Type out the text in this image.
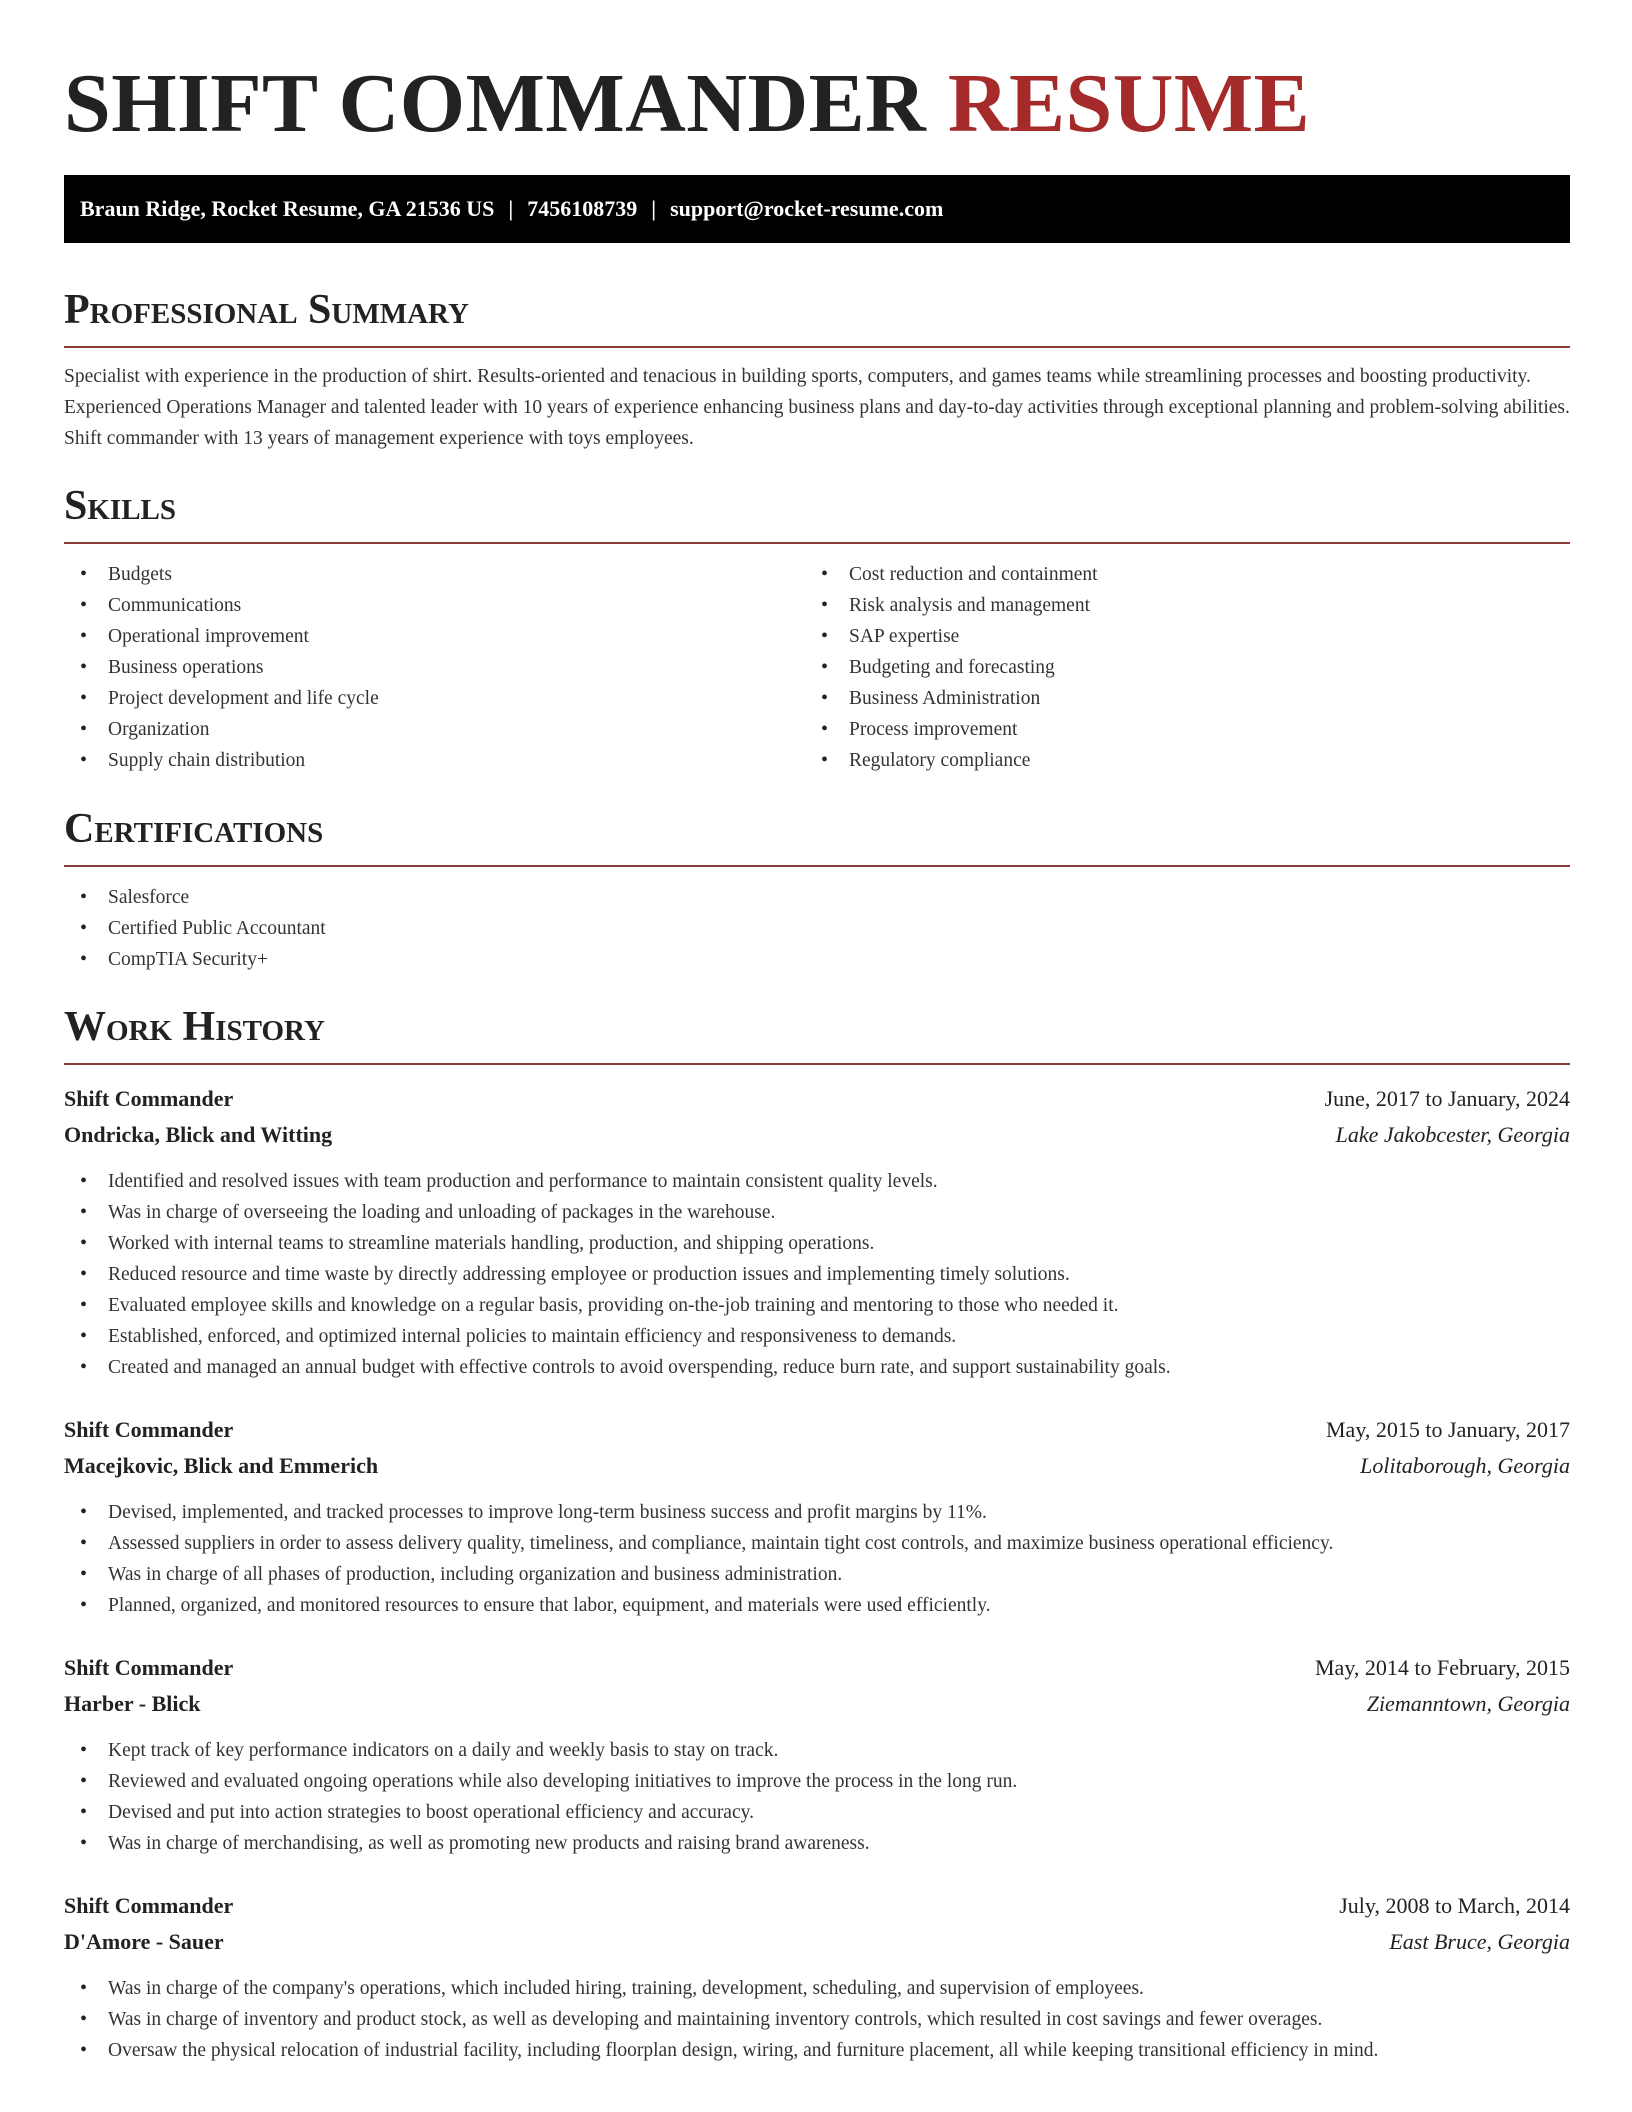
SHIFT COMMANDER RESUME
Braun Ridge, Rocket Resume, GA 21536 US | 7456108739 | support@rocket-resume.com
Professional Summary

Specialist with experience in the production of shirt. Results-oriented and tenacious in building sports, computers, and games teams while streamlining processes and boosting productivity. Experienced Operations Manager and talented leader with 10 years of experience enhancing business plans and day-to-day activities through exceptional planning and problem-solving abilities. Shift commander with 13 years of management experience with toys employees.

Skills
• Budgets
• Communications
• Operational improvement
• Business operations
• Project development and life cycle
• Organization
• Supply chain distribution
• Cost reduction and containment
• Risk analysis and management
• SAP expertise
• Budgeting and forecasting
• Business Administration
• Process improvement
• Regulatory compliance
Certifications
• Salesforce
• Certified Public Accountant
• CompTIA Security+
Work History
Shift Commander	June, 2017 to January, 2024
Ondricka, Blick and Witting	Lake Jakobcester, Georgia
• Identified and resolved issues with team production and performance to maintain consistent quality levels.
• Was in charge of overseeing the loading and unloading of packages in the warehouse.
• Worked with internal teams to streamline materials handling, production, and shipping operations.
• Reduced resource and time waste by directly addressing employee or production issues and implementing timely solutions.
• Evaluated employee skills and knowledge on a regular basis, providing on-the-job training and mentoring to those who needed it.
• Established, enforced, and optimized internal policies to maintain efficiency and responsiveness to demands.
• Created and managed an annual budget with effective controls to avoid overspending, reduce burn rate, and support sustainability goals.
Shift Commander	May, 2015 to January, 2017
Macejkovic, Blick and Emmerich	Lolitaborough, Georgia
• Devised, implemented, and tracked processes to improve long-term business success and profit margins by 11%.
• Assessed suppliers in order to assess delivery quality, timeliness, and compliance, maintain tight cost controls, and maximize business operational efficiency.
• Was in charge of all phases of production, including organization and business administration.
• Planned, organized, and monitored resources to ensure that labor, equipment, and materials were used efficiently.
Shift Commander	May, 2014 to February, 2015
Harber - Blick	Ziemanntown, Georgia
• Kept track of key performance indicators on a daily and weekly basis to stay on track.
• Reviewed and evaluated ongoing operations while also developing initiatives to improve the process in the long run.
• Devised and put into action strategies to boost operational efficiency and accuracy.
• Was in charge of merchandising, as well as promoting new products and raising brand awareness.
Shift Commander	July, 2008 to March, 2014
D'Amore - Sauer	East Bruce, Georgia
• Was in charge of the company's operations, which included hiring, training, development, scheduling, and supervision of employees.
• Was in charge of inventory and product stock, as well as developing and maintaining inventory controls, which resulted in cost savings and fewer overages.
• Oversaw the physical relocation of industrial facility, including floorplan design, wiring, and furniture placement, all while keeping transitional efficiency in mind.
